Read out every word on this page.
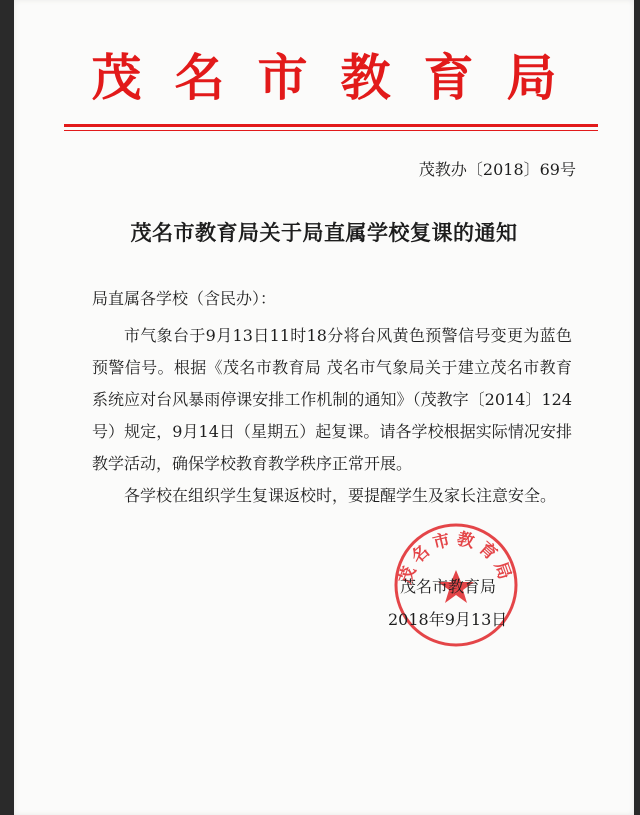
茂名市教育局
茂教办〔2018〕69号
茂名市教育局关于局直属学校复课的通知
局直属各学校（含民办）：

市气象台于9月13日11时18分将台风黄色预警信号变更为蓝色预警信号。根据《茂名市教育局 茂名市气象局关于建立茂名市教育系统应对台风暴雨停课安排工作机制的通知》（茂教字〔2014〕124号）规定，9月14日（星期五）起复课。请各学校根据实际情况安排教学活动，确保学校教育教学秩序正常开展。

各学校在组织学生复课返校时，要提醒学生及家长注意安全。

茂名市教育局
茂名市教育局
2018年9月13日
